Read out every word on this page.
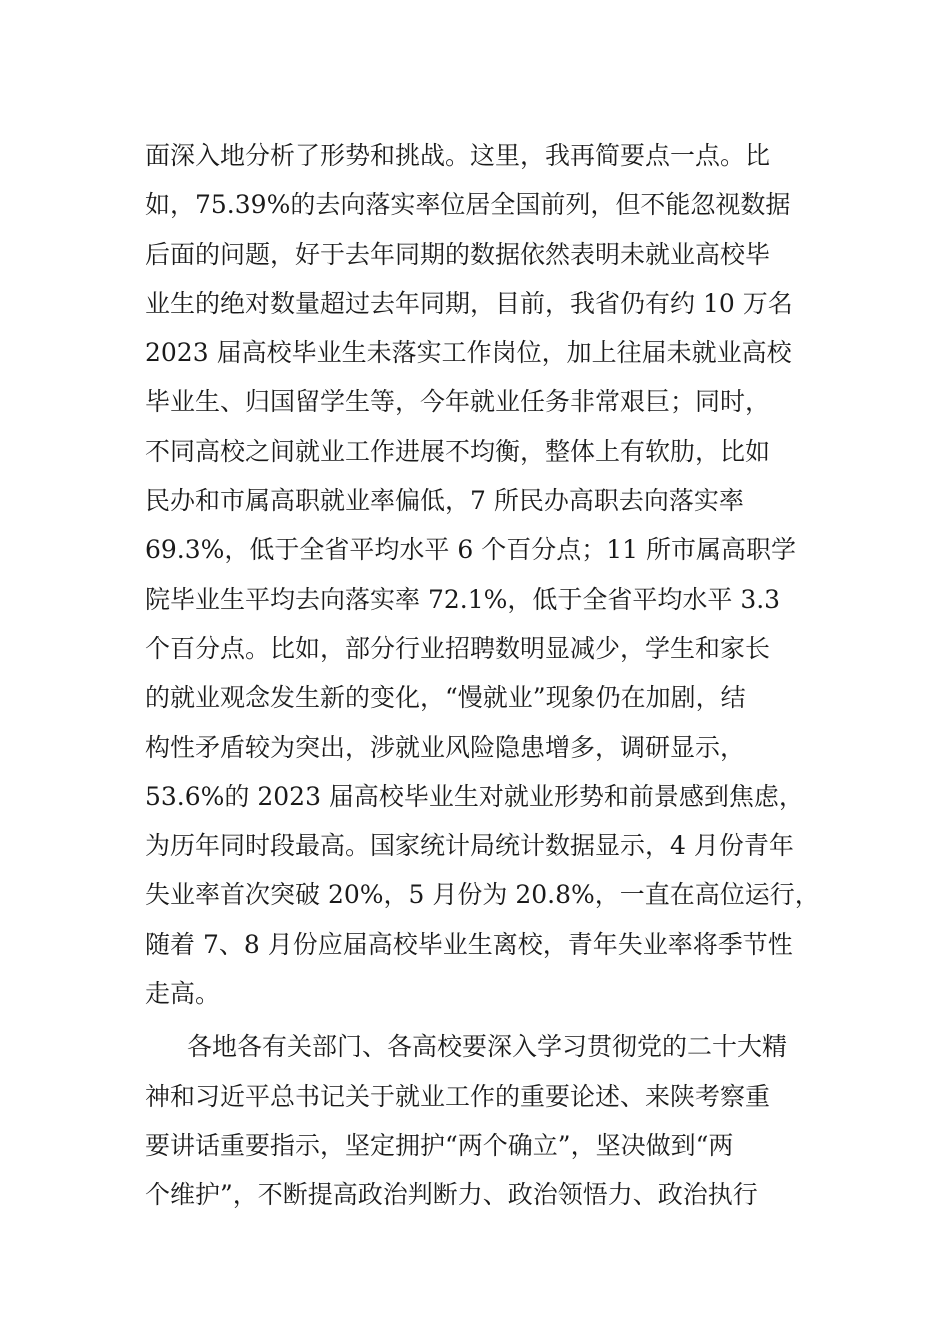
面深入地分析了形势和挑战。这里，我再简要点一点。比
如，75.39%的去向落实率位居全国前列，但不能忽视数据
后面的问题，好于去年同期的数据依然表明未就业高校毕
业生的绝对数量超过去年同期，目前，我省仍有约 10 万名
2023 届高校毕业生未落实工作岗位，加上往届未就业高校
毕业生、归国留学生等，今年就业任务非常艰巨；同时，
不同高校之间就业工作进展不均衡，整体上有软肋，比如
民办和市属高职就业率偏低，7 所民办高职去向落实率
69.3%，低于全省平均水平 6 个百分点；11 所市属高职学
院毕业生平均去向落实率 72.1%，低于全省平均水平 3.3
个百分点。比如，部分行业招聘数明显减少，学生和家长
的就业观念发生新的变化，“慢就业”现象仍在加剧，结
构性矛盾较为突出，涉就业风险隐患增多，调研显示，
53.6%的 2023 届高校毕业生对就业形势和前景感到焦虑，
为历年同时段最高。国家统计局统计数据显示，4 月份青年
失业率首次突破 20%，5 月份为 20.8%，一直在高位运行，
随着 7、8 月份应届高校毕业生离校，青年失业率将季节性
走高。
各地各有关部门、各高校要深入学习贯彻党的二十大精
神和习近平总书记关于就业工作的重要论述、来陕考察重
要讲话重要指示，坚定拥护“两个确立”，坚决做到“两
个维护”，不断提高政治判断力、政治领悟力、政治执行
